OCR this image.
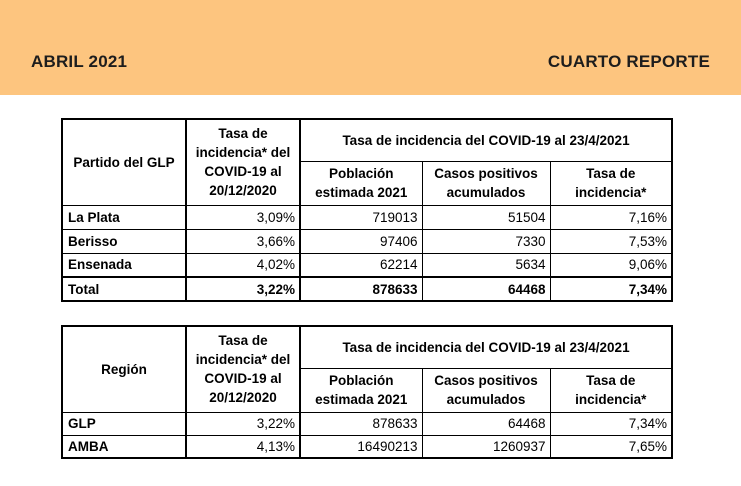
ABRIL 2021	CUARTO REPORTE
Partido del GLP	Tasa de incidencia* del COVID-19 al 20/12/2020	Tasa de incidencia del COVID-19 al 23/4/2021		
		Población estimada 2021	Casos positivos acumulados	Tasa de incidencia*
La Plata	3,09%	719013	51504	7,16%
Berisso	3,66%	97406	7330	7,53%
Ensenada	4,02%	62214	5634	9,06%
Total	3,22%	878633	64468	7,34%
Región	Tasa de incidencia* del COVID-19 al 20/12/2020	Tasa de incidencia del COVID-19 al 23/4/2021		
		Población estimada 2021	Casos positivos acumulados	Tasa de incidencia*
GLP	3,22%	878633	64468	7,34%
AMBA	4,13%	16490213	1260937	7,65%
